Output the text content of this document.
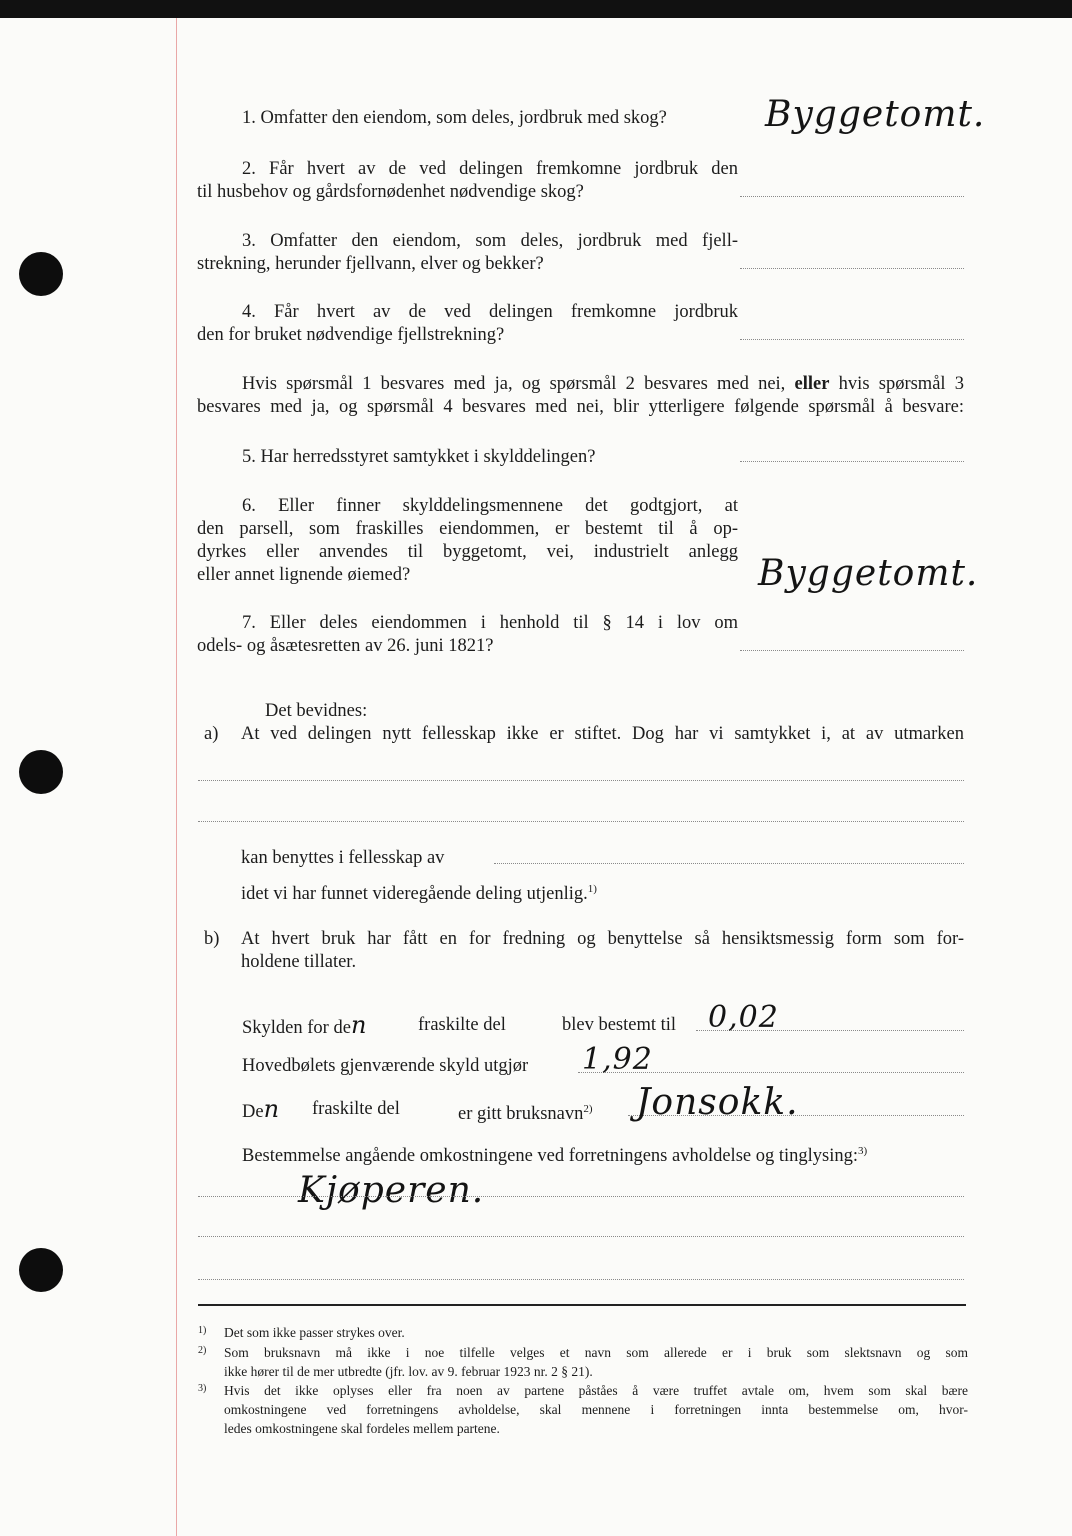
1. Omfatter den eiendom, som deles, jordbruk med skog?	Byggetomt.
2. Får hvert av de ved delingen fremkomne jordbruk den
til husbehov og gårdsfornødenhet nødvendige skog?
3. Omfatter den eiendom, som deles, jordbruk med fjell-
strekning, herunder fjellvann, elver og bekker?
4. Får hvert av de ved delingen fremkomne jordbruk
den for bruket nødvendige fjellstrekning?
Hvis spørsmål 1 besvares med ja, og spørsmål 2 besvares med nei, eller hvis spørsmål 3
besvares med ja, og spørsmål 4 besvares med nei, blir ytterligere følgende spørsmål å besvare:
5. Har herredsstyret samtykket i skylddelingen?
6. Eller finner skylddelingsmennene det godtgjort, at
den parsell, som fraskilles eiendommen, er bestemt til å op-
dyrkes eller anvendes til byggetomt, vei, industrielt anlegg
eller annet lignende øiemed?	Byggetomt.
7. Eller deles eiendommen i henhold til § 14 i lov om
odels- og åsætesretten av 26. juni 1821?
Det bevidnes:
a) At ved delingen nytt fellesskap ikke er stiftet. Dog har vi samtykket i, at av utmarken
kan benyttes i fellesskap av
idet vi har funnet videregående deling utjenlig.$^{1)}$
b) At hvert bruk har fått en for fredning og benyttelse så hensiktsmessig form som for-
holdene tillater.
Skylden for den	fraskilte del	blev bestemt til 0,02
Hovedbølets gjenværende skyld utgjør 1,92
Den fraskilte del	er gitt bruksnavn$^{2)}$ Jonsokk.
Bestemmelse angående omkostningene ved forretningens avholdelse og tinglysing:$^{3)}$
Kjøperen.
1) Det som ikke passer strykes over.
2) Som bruksnavn må ikke i noe tilfelle velges et navn som allerede er i bruk som slektsnavn og som
ikke hører til de mer utbredte (jfr. lov. av 9. februar 1923 nr. 2 § 21).
3) Hvis det ikke oplyses eller fra noen av partene påståes å være truffet avtale om, hvem som skal bære
omkostningene ved forretningens avholdelse, skal mennene i forretningen innta bestemmelse om, hvor-
ledes omkostningene skal fordeles mellem partene.
